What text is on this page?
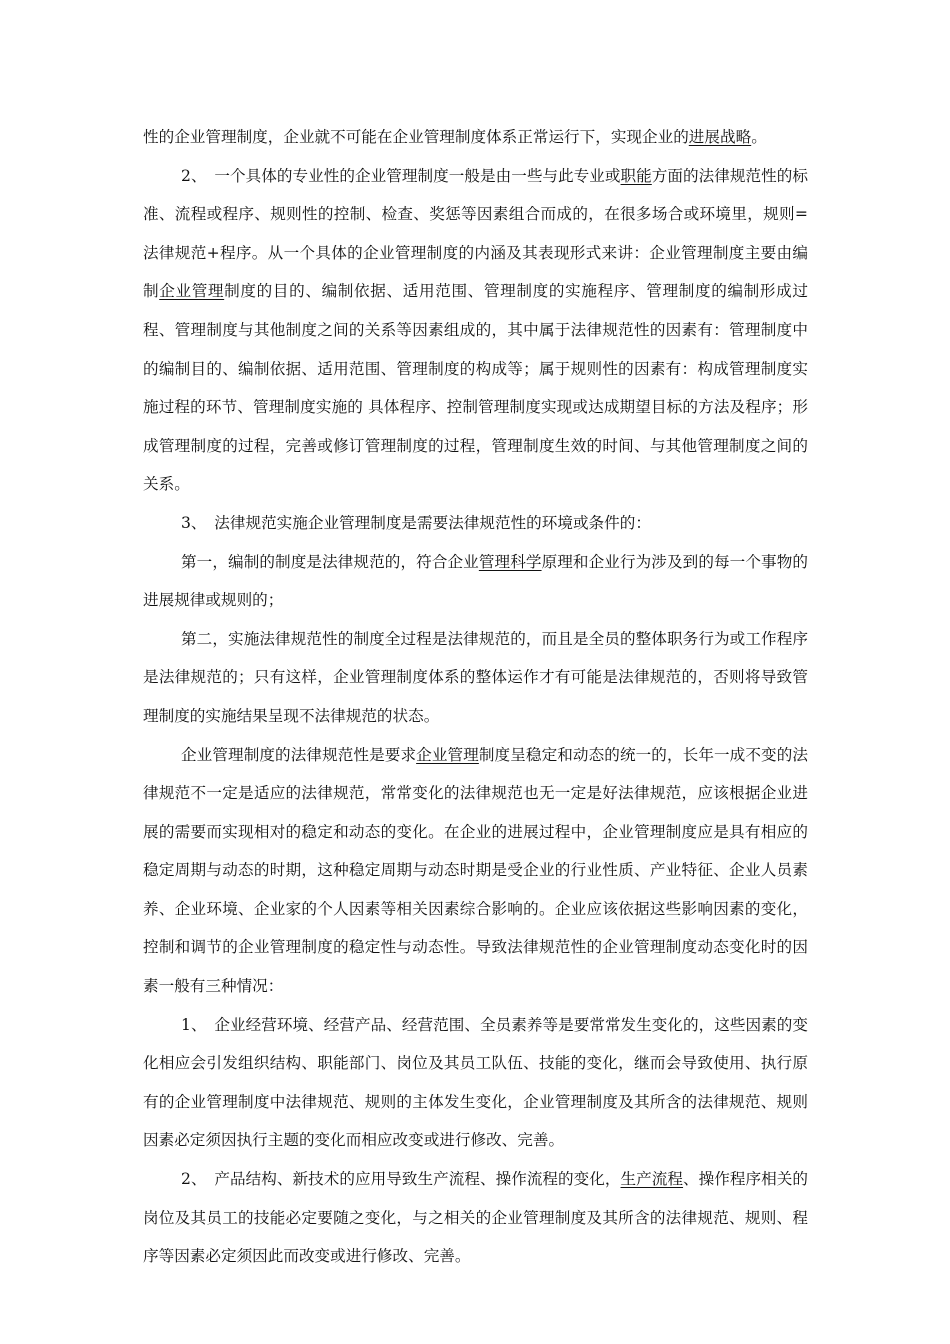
性的企业管理制度，企业就不可能在企业管理制度体系正常运行下，实现企业的进展战略。

2、　一个具体的专业性的企业管理制度一般是由一些与此专业或职能方面的法律规范性的标准、流程或程序、规则性的控制、检查、奖惩等因素组合而成的，在很多场合或环境里，规则=法律规范+程序。从一个具体的企业管理制度的内涵及其表现形式来讲：企业管理制度主要由编制企业管理制度的目的、编制依据、适用范围、管理制度的实施程序、管理制度的编制形成过程、管理制度与其他制度之间的关系等因素组成的，其中属于法律规范性的因素有：管理制度中的编制目的、编制依据、适用范围、管理制度的构成等；属于规则性的因素有：构成管理制度实施过程的环节、管理制度实施的 具体程序、控制管理制度实现或达成期望目标的方法及程序；形成管理制度的过程，完善或修订管理制度的过程，管理制度生效的时间、与其他管理制度之间的关系。

3、　法律规范实施企业管理制度是需要法律规范性的环境或条件的：

第一，编制的制度是法律规范的，符合企业管理科学原理和企业行为涉及到的每一个事物的进展规律或规则的；

第二，实施法律规范性的制度全过程是法律规范的，而且是全员的整体职务行为或工作程序是法律规范的；只有这样，企业管理制度体系的整体运作才有可能是法律规范的，否则将导致管理制度的实施结果呈现不法律规范的状态。

企业管理制度的法律规范性是要求企业管理制度呈稳定和动态的统一的，长年一成不变的法律规范不一定是适应的法律规范，常常变化的法律规范也无一定是好法律规范，应该根据企业进展的需要而实现相对的稳定和动态的变化。在企业的进展过程中，企业管理制度应是具有相应的稳定周期与动态的时期，这种稳定周期与动态时期是受企业的行业性质、产业特征、企业人员素养、企业环境、企业家的个人因素等相关因素综合影响的。企业应该依据这些影响因素的变化，控制和调节的企业管理制度的稳定性与动态性。导致法律规范性的企业管理制度动态变化时的因素一般有三种情况：

1、　企业经营环境、经营产品、经营范围、全员素养等是要常常发生变化的，这些因素的变化相应会引发组织结构、职能部门、岗位及其员工队伍、技能的变化，继而会导致使用、执行原有的企业管理制度中法律规范、规则的主体发生变化，企业管理制度及其所含的法律规范、规则因素必定须因执行主题的变化而相应改变或进行修改、完善。

2、　产品结构、新技术的应用导致生产流程、操作流程的变化，生产流程、操作程序相关的岗位及其员工的技能必定要随之变化，与之相关的企业管理制度及其所含的法律规范、规则、程序等因素必定须因此而改变或进行修改、完善。
